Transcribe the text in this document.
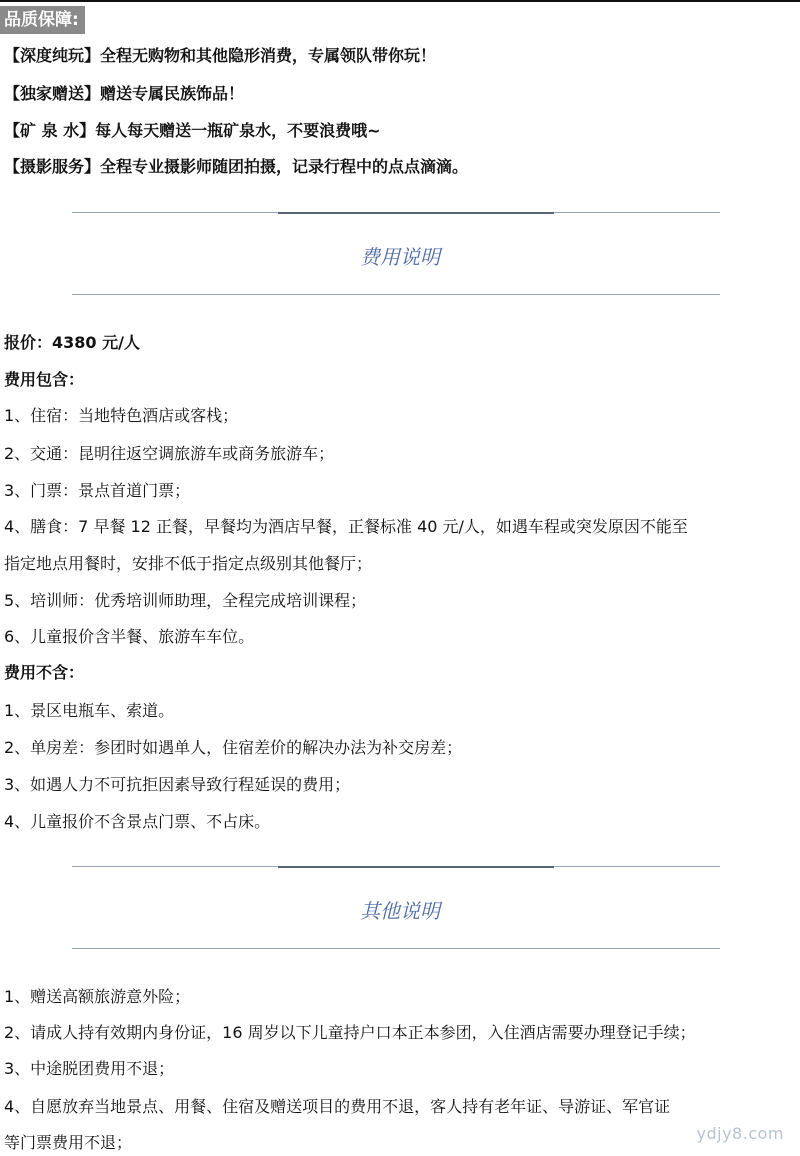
品质保障:
【深度纯玩】全程无购物和其他隐形消费，专属领队带你玩！
【独家赠送】赠送专属民族饰品！
【矿 泉 水】每人每天赠送一瓶矿泉水，不要浪费哦~
【摄影服务】全程专业摄影师随团拍摄，记录行程中的点点滴滴。
费用说明
报价：4380 元/人
费用包含：
1、住宿：当地特色酒店或客栈；
2、交通：昆明往返空调旅游车或商务旅游车；
3、门票：景点首道门票；
4、膳食：7 早餐 12 正餐，早餐均为酒店早餐，正餐标准 40 元/人，如遇车程或突发原因不能至
指定地点用餐时，安排不低于指定点级别其他餐厅；
5、培训师：优秀培训师助理，全程完成培训课程；
6、儿童报价含半餐、旅游车车位。
费用不含：
1、景区电瓶车、索道。
2、单房差：参团时如遇单人，住宿差价的解决办法为补交房差；
3、如遇人力不可抗拒因素导致行程延误的费用；
4、儿童报价不含景点门票、不占床。
其他说明
1、赠送高额旅游意外险；
2、请成人持有效期内身份证，16 周岁以下儿童持户口本正本参团，入住酒店需要办理登记手续；
3、中途脱团费用不退；
4、自愿放弃当地景点、用餐、住宿及赠送项目的费用不退，客人持有老年证、导游证、军官证
等门票费用不退；	ydjy8.com
